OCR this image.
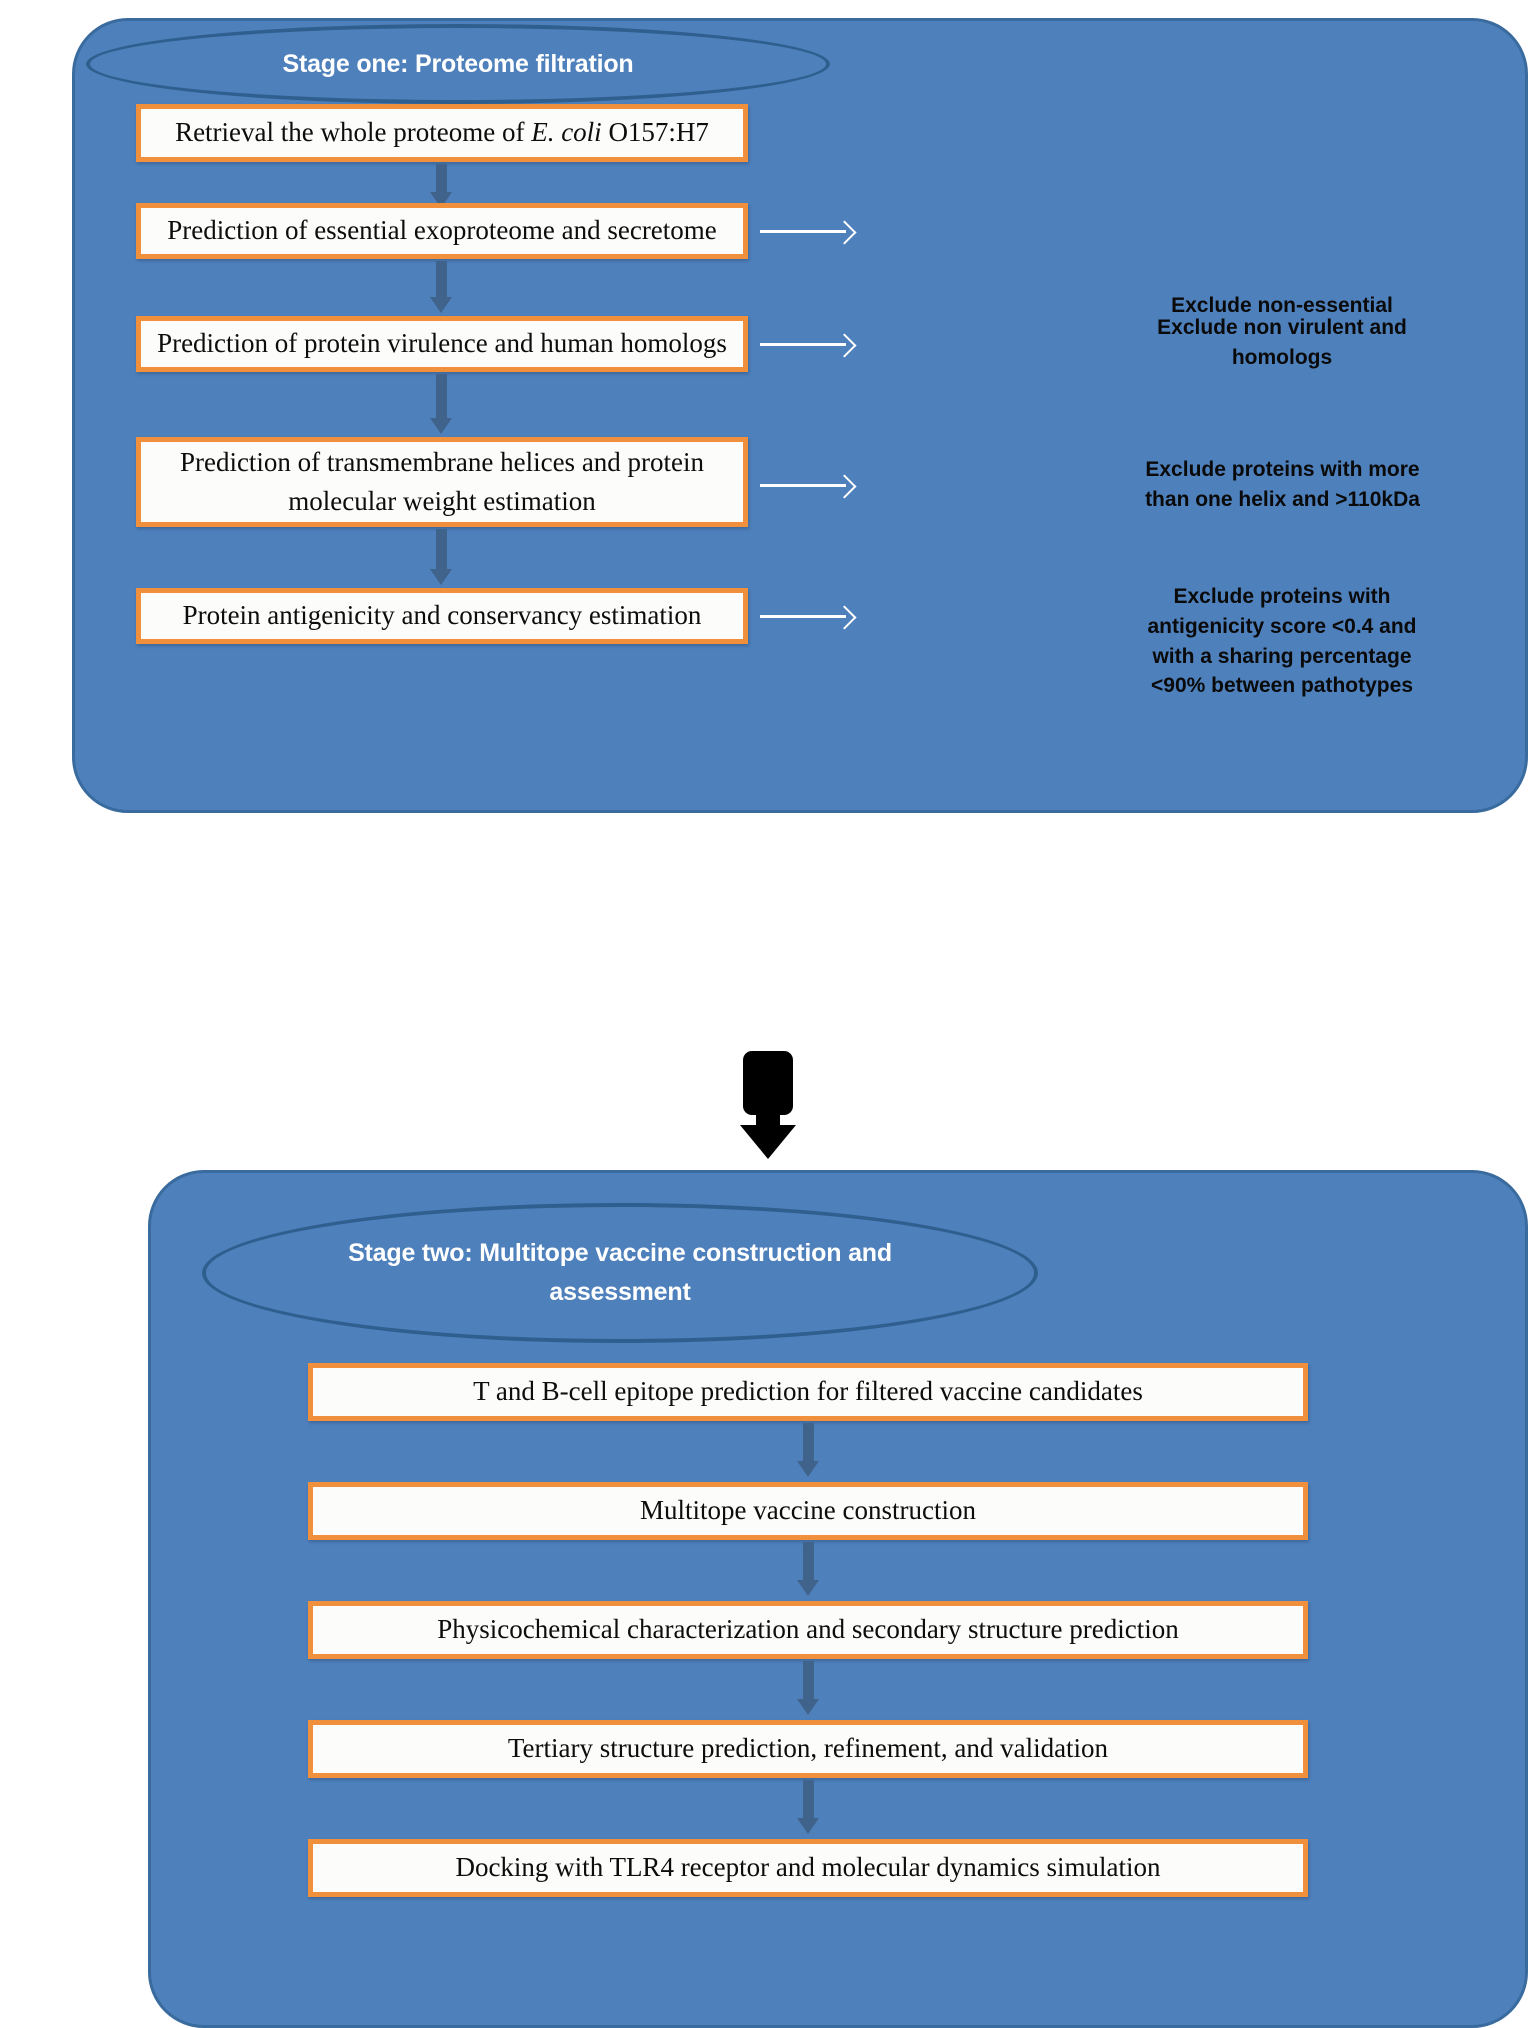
Stage one: Proteome filtration
Retrieval the whole proteome of E. coli O157:H7
Prediction of essential exoproteome and secretome
Exclude non-essential
Prediction of protein virulence and human homologs
Exclude non virulent and homologs
Prediction of transmembrane helices and protein molecular weight estimation
Exclude proteins with more than one helix and >110kDa
Protein antigenicity and conservancy estimation
Exclude proteins with antigenicity score <0.4 and with a sharing percentage <90% between pathotypes
Stage two: Multitope vaccine construction and assessment
T and B-cell epitope prediction for filtered vaccine candidates
Multitope vaccine construction
Physicochemical characterization and secondary structure prediction
Tertiary structure prediction, refinement, and validation
Docking with TLR4 receptor and molecular dynamics simulation
